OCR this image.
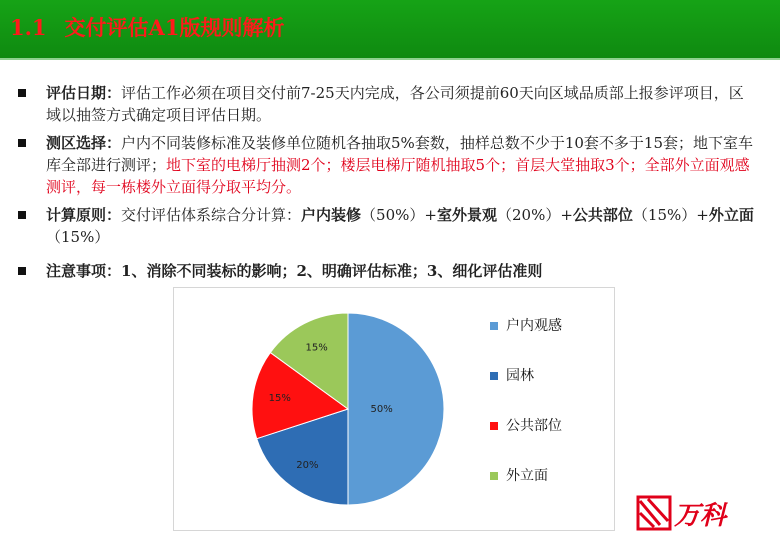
1.1 交付评估A1版规则解析
评估日期：评估工作必须在项目交付前7-25天内完成，各公司须提前60天向区域品质部上报参评项目，区域以抽签方式确定项目评估日期。
测区选择：户内不同装修标准及装修单位随机各抽取5%套数，抽样总数不少于10套不多于15套；地下室车库全部进行测评；地下室的电梯厅抽测2个；楼层电梯厅随机抽取5个；首层大堂抽取3个；全部外立面观感测评，每一栋楼外立面得分取平均分。
计算原则：交付评估体系综合分计算：户内装修（50%）+室外景观（20%）+公共部位（15%）+外立面（15%）
注意事项：1、消除不同装标的影响；2、明确评估标准；3、细化评估准则
50%
20%
15%
15%
户内观感
园林
公共部位
外立面
万科
